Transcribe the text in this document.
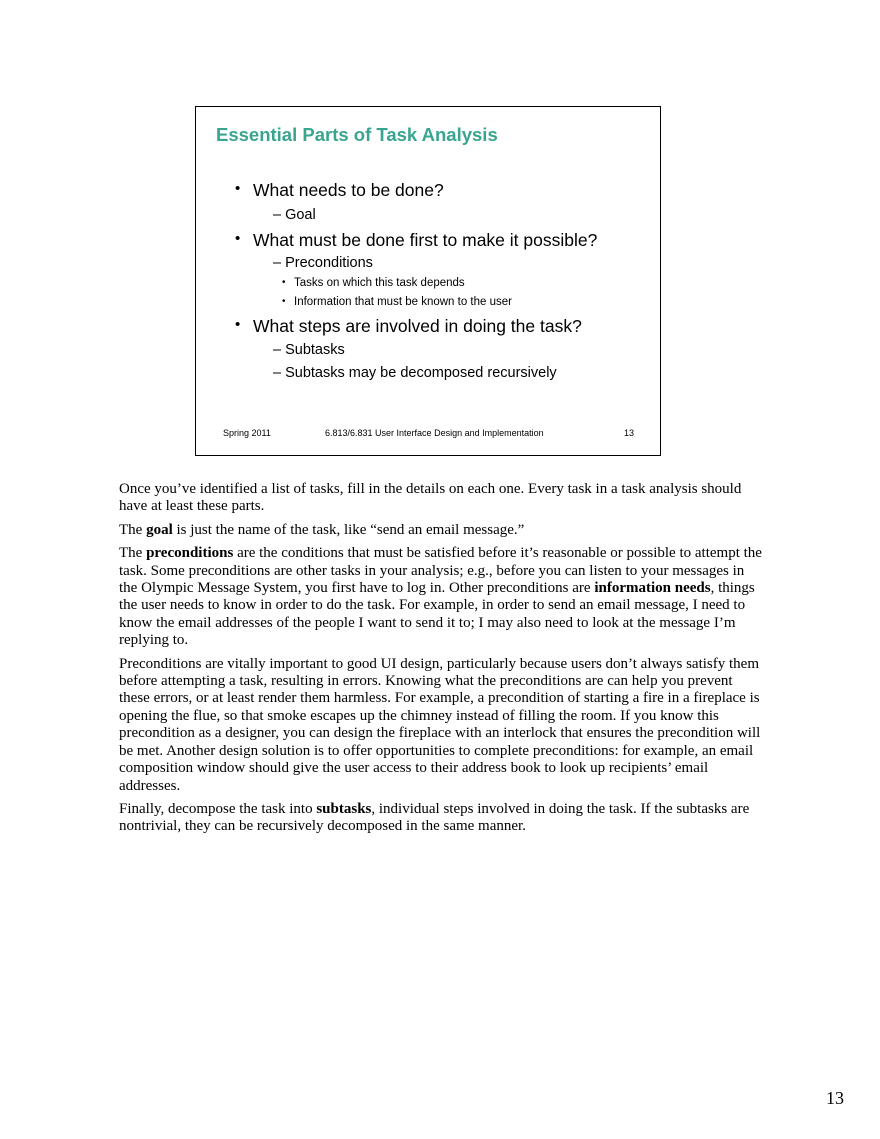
Essential Parts of Task Analysis
• What needs to be done?
– Goal
• What must be done first to make it possible?
– Preconditions
• Tasks on which this task depends
• Information that must be known to the user
• What steps are involved in doing the task?
– Subtasks
– Subtasks may be decomposed recursively
Spring 2011	6.813/6.831 User Interface Design and Implementation	13

Once you’ve identified a list of tasks, fill in the details on each one. Every task in a task analysis should have at least these parts.

The goal is just the name of the task, like “send an email message.”

The preconditions are the conditions that must be satisfied before it’s reasonable or possible to attempt the task. Some preconditions are other tasks in your analysis; e.g., before you can listen to your messages in the Olympic Message System, you first have to log in. Other preconditions are information needs, things the user needs to know in order to do the task. For example, in order to send an email message, I need to know the email addresses of the people I want to send it to; I may also need to look at the message I’m replying to.

Preconditions are vitally important to good UI design, particularly because users don’t always satisfy them before attempting a task, resulting in errors. Knowing what the preconditions are can help you prevent these errors, or at least render them harmless. For example, a precondition of starting a fire in a fireplace is opening the flue, so that smoke escapes up the chimney instead of filling the room. If you know this precondition as a designer, you can design the fireplace with an interlock that ensures the precondition will be met. Another design solution is to offer opportunities to complete preconditions: for example, an email composition window should give the user access to their address book to look up recipients’ email addresses.

Finally, decompose the task into subtasks, individual steps involved in doing the task. If the subtasks are nontrivial, they can be recursively decomposed in the same manner.

13
